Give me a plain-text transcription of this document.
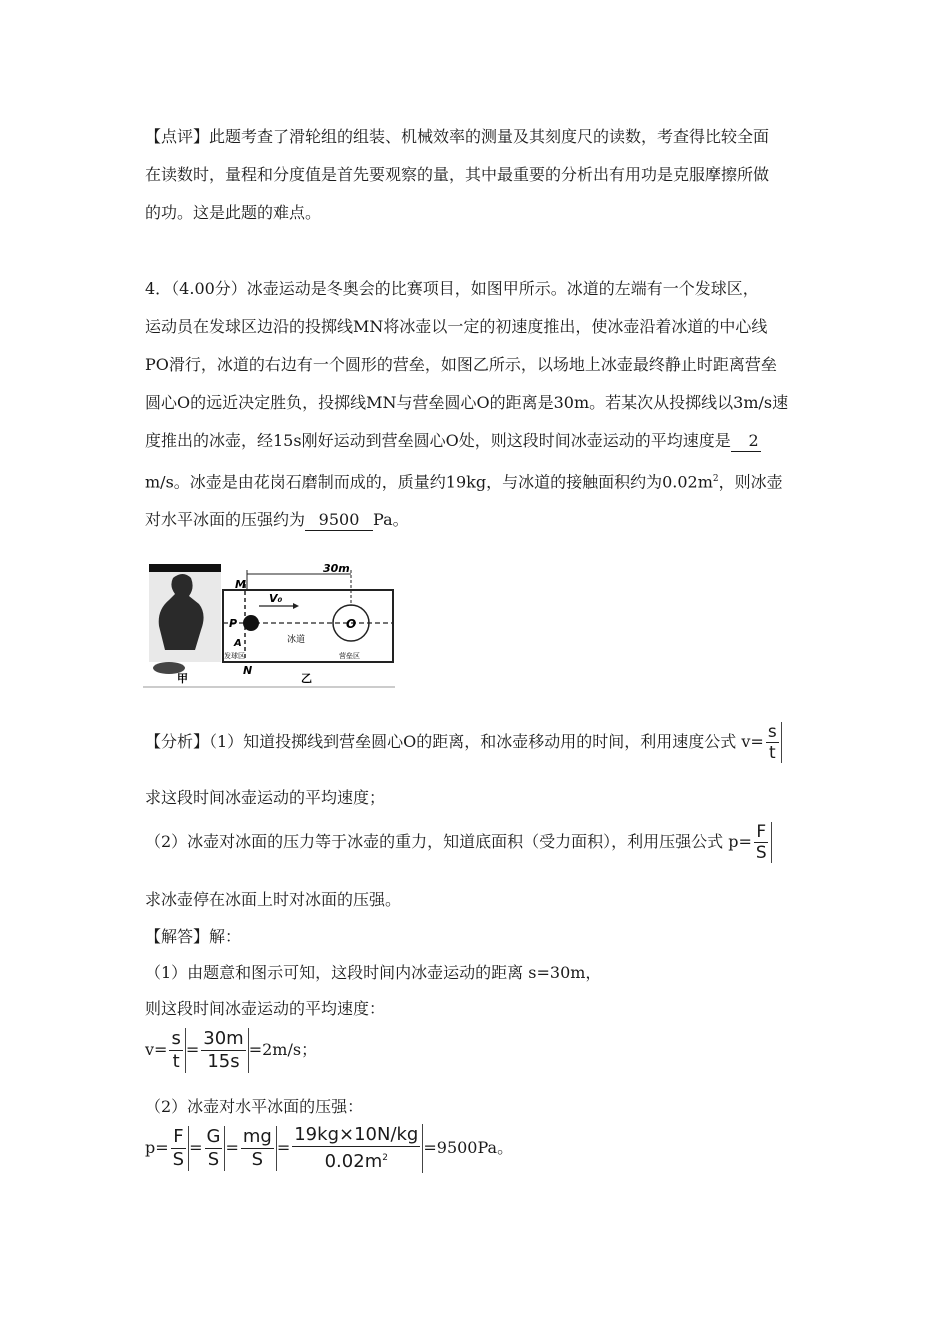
【点评】此题考查了滑轮组的组装、机械效率的测量及其刻度尺的读数，考查得比较全面

在读数时，量程和分度值是首先要观察的量，其中最重要的分析出有用功是克服摩擦所做

的功。这是此题的难点。

4．（4.00分）冰壶运动是冬奥会的比赛项目，如图甲所示。冰道的左端有一个发球区，

运动员在发球区边沿的投掷线MN将冰壶以一定的初速度推出，使冰壶沿着冰道的中心线

PO滑行，冰道的右边有一个圆形的营垒，如图乙所示，以场地上冰壶最终静止时距离营垒

圆心O的远近决定胜负，投掷线MN与营垒圆心O的距离是30m。若某次从投掷线以3m/s速

度推出的冰壶，经15s刚好运动到营垒圆心O处，则这段时间冰壶运动的平均速度是 2

m/s。冰壶是由花岗石磨制而成的，质量约19kg，与冰道的接触面积约为$0.02m^2$，则冰壶

对水平冰面的压强约为 9500 Pa。

30m
M
P
V₀
A
N
O
冰道
发球区	营垒区
甲	乙
【分析】（1）知道投掷线到营垒圆心O的距离，和冰壶移动用的时间，利用速度公式 $v= \frac{s}{t}$
求这段时间冰壶运动的平均速度；
（2）冰壶对冰面的压力等于冰壶的重力，知道底面积（受力面积），利用压强公式 $p= \frac{F}{S}$
求冰壶停在冰面上时对冰面的压强。
【解答】解：
（1）由题意和图示可知，这段时间内冰壶运动的距离 s=30m，
则这段时间冰壶运动的平均速度：
$v= \frac{s}{t} = \frac{30m}{15s} =2m/s$；
（2）冰壶对水平冰面的压强：
$p= \frac{F}{S} = \frac{G}{S} = \frac{mg}{S} = \frac{19kg\times 10N/kg}{0.02m^2} =9500Pa$。
